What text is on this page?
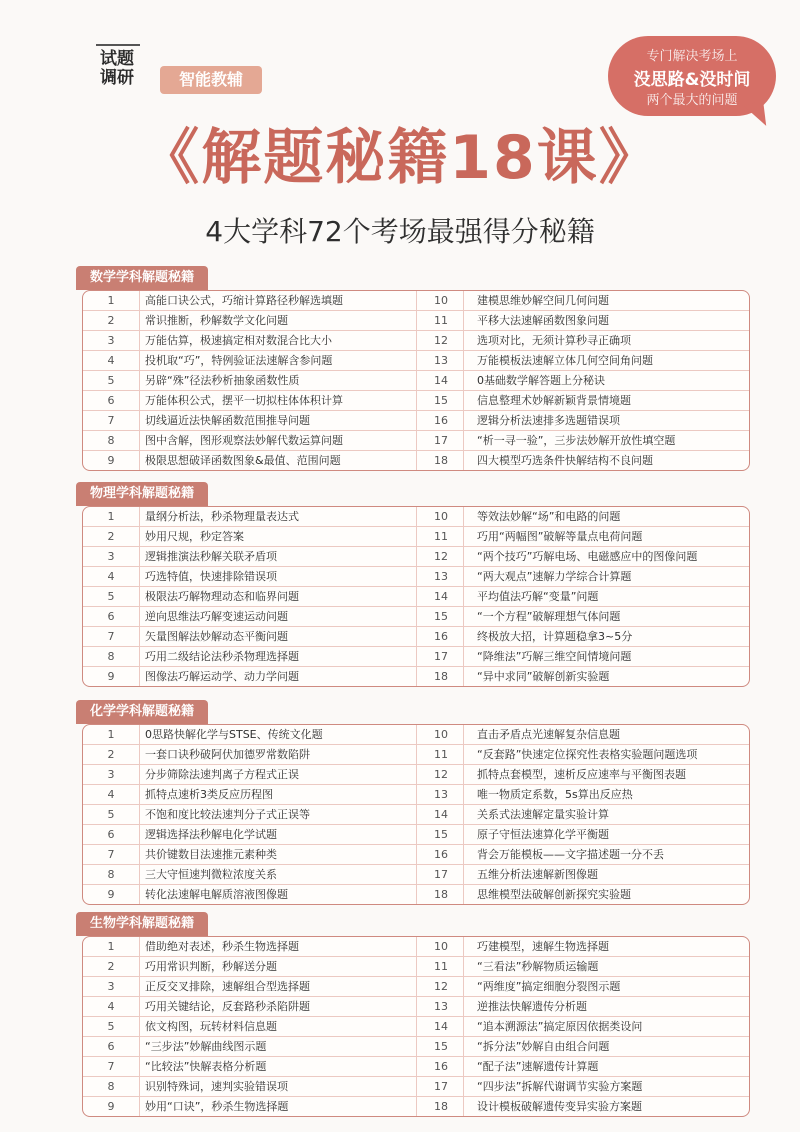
试题
调研	智能教辅
专门解决考场上
没思路&没时间
两个最大的问题
《解题秘籍18课》
4大学科72个考场最强得分秘籍
数学学科解题秘籍
1	高能口诀公式，巧缩计算路径秒解选填题	10	建模思维妙解空间几何问题
2	常识推断，秒解数学文化问题	11	平移大法速解函数图象问题
3	万能估算，极速搞定相对数混合比大小	12	选项对比，无须计算秒寻正确项
4	投机取“巧”，特例验证法速解含参问题	13	万能模板法速解立体几何空间角问题
5	另辟“殊”径法秒析抽象函数性质	14	0基础数学解答题上分秘诀
6	万能体积公式，摆平一切拟柱体体积计算	15	信息整理术妙解新颖背景情境题
7	切线逼近法快解函数范围推导问题	16	逻辑分析法速排多选题错误项
8	图中含解，图形观察法妙解代数运算问题	17	“析一寻一验”，三步法妙解开放性填空题
9	极限思想破译函数图象&最值、范围问题	18	四大模型巧选条件快解结构不良问题
物理学科解题秘籍
1	量纲分析法，秒杀物理量表达式	10	等效法妙解“场”和电路的问题
2	妙用尺规，秒定答案	11	巧用“两幅图”破解等量点电荷问题
3	逻辑推演法秒解关联矛盾项	12	“两个技巧”巧解电场、电磁感应中的图像问题
4	巧选特值，快速排除错误项	13	“两大观点”速解力学综合计算题
5	极限法巧解物理动态和临界问题	14	平均值法巧解“变量”问题
6	逆向思维法巧解变速运动问题	15	“一个方程”破解理想气体问题
7	矢量图解法妙解动态平衡问题	16	终极放大招，计算题稳拿3~5分
8	巧用二级结论法秒杀物理选择题	17	“降维法”巧解三维空间情境问题
9	图像法巧解运动学、动力学问题	18	“异中求同”破解创新实验题
化学学科解题秘籍
1	0思路快解化学与STSE、传统文化题	10	直击矛盾点光速解复杂信息题
2	一套口诀秒破阿伏加德罗常数陷阱	11	“反套路”快速定位探究性表格实验题问题选项
3	分步筛除法速判离子方程式正误	12	抓特点套模型，速析反应速率与平衡图表题
4	抓特点速析3类反应历程图	13	唯一物质定系数，5s算出反应热
5	不饱和度比较法速判分子式正误等	14	关系式法速解定量实验计算
6	逻辑选择法秒解电化学试题	15	原子守恒法速算化学平衡题
7	共价键数目法速推元素种类	16	背会万能模板——文字描述题一分不丢
8	三大守恒速判微粒浓度关系	17	五维分析法速解新图像题
9	转化法速解电解质溶液图像题	18	思维模型法破解创新探究实验题
生物学科解题秘籍
1	借助绝对表述，秒杀生物选择题	10	巧建模型，速解生物选择题
2	巧用常识判断，秒解送分题	11	“三看法”秒解物质运输题
3	正反交叉排除，速解组合型选择题	12	“两维度”搞定细胞分裂图示题
4	巧用关键结论，反套路秒杀陷阱题	13	逆推法快解遗传分析题
5	依文构图，玩转材料信息题	14	“追本溯源法”搞定原因依据类设问
6	“三步法”妙解曲线图示题	15	“拆分法”妙解自由组合问题
7	“比较法”快解表格分析题	16	“配子法”速解遗传计算题
8	识别特殊词，速判实验错误项	17	“四步法”拆解代谢调节实验方案题
9	妙用“口诀”，秒杀生物选择题	18	设计模板破解遗传变异实验方案题
